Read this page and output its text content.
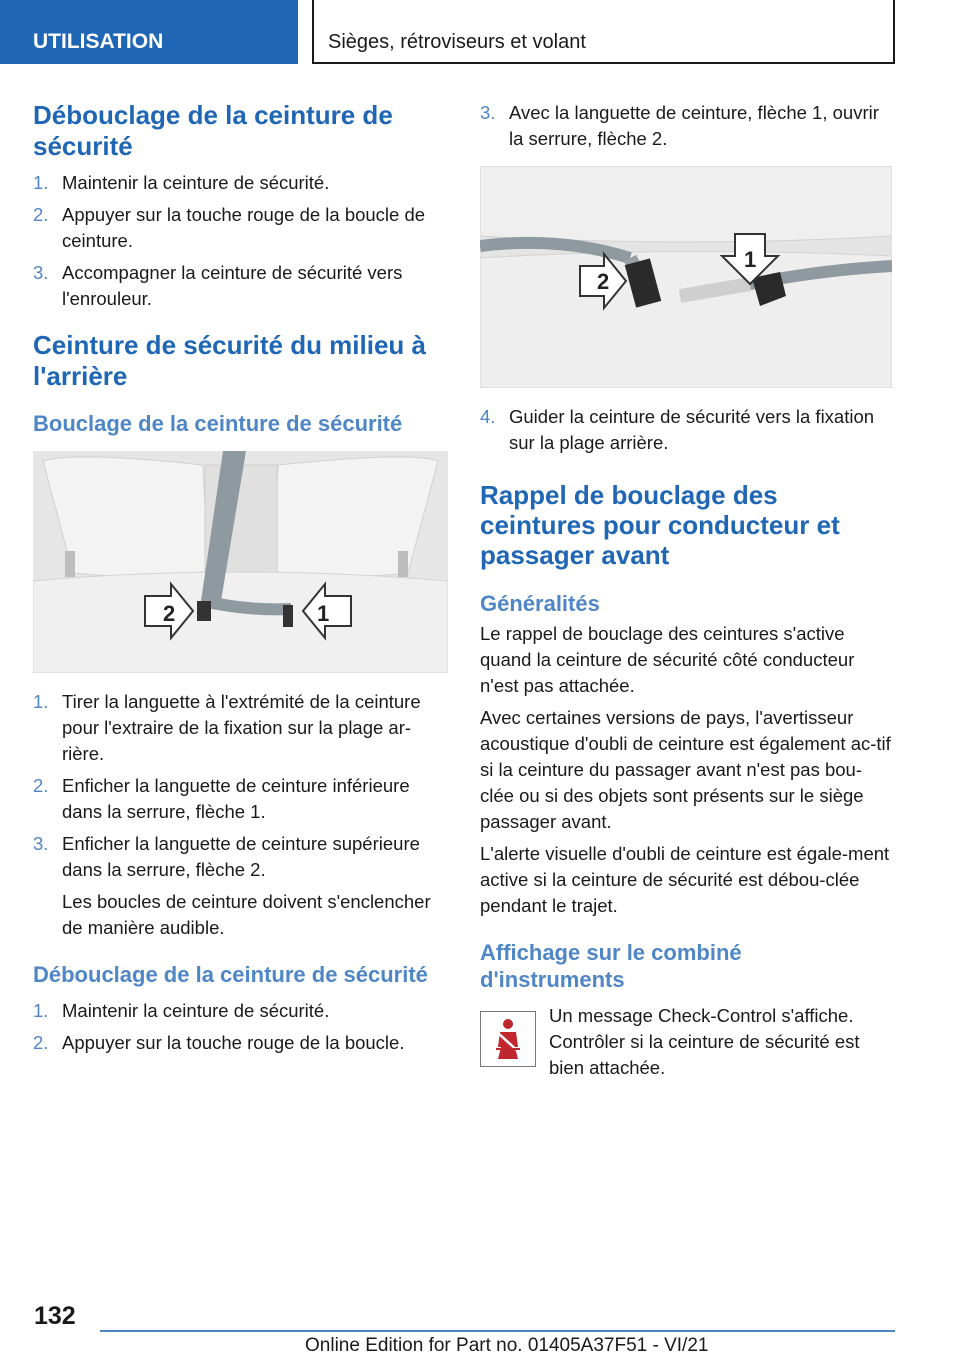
UTILISATION	Sièges, rétroviseurs et volant
Débouclage de la ceinture de sécurité
1. Maintenir la ceinture de sécurité.
2. Appuyer sur la touche rouge de la boucle de ceinture.
3. Accompagner la ceinture de sécurité vers l'enrouleur.
Ceinture de sécurité du milieu à l'arrière
Bouclage de la ceinture de sécurité
2	1
1. Tirer la languette à l'extrémité de la ceinture pour l'extraire de la fixation sur la plage ar-rière.
2. Enficher la languette de ceinture inférieure dans la serrure, flèche 1.
3. Enficher la languette de ceinture supérieure dans la serrure, flèche 2.
Les boucles de ceinture doivent s'enclencher de manière audible.
Débouclage de la ceinture de sécurité
1. Maintenir la ceinture de sécurité.
2. Appuyer sur la touche rouge de la boucle.
3. Avec la languette de ceinture, flèche 1, ouvrir la serrure, flèche 2.
1
2
4. Guider la ceinture de sécurité vers la fixation sur la plage arrière.
Rappel de bouclage des ceintures pour conducteur et passager avant
Généralités

Le rappel de bouclage des ceintures s'active quand la ceinture de sécurité côté conducteur n'est pas attachée.

Avec certaines versions de pays, l'avertisseur acoustique d'oubli de ceinture est également ac-tif si la ceinture du passager avant n'est pas bou-clée ou si des objets sont présents sur le siège passager avant.

L'alerte visuelle d'oubli de ceinture est égale-ment active si la ceinture de sécurité est débou-clée pendant le trajet.

Affichage sur le combiné d'instruments

Un message Check-Control s'affiche. Contrôler si la ceinture de sécurité est bien attachée.

132
Online Edition for Part no. 01405A37F51 - VI/21
